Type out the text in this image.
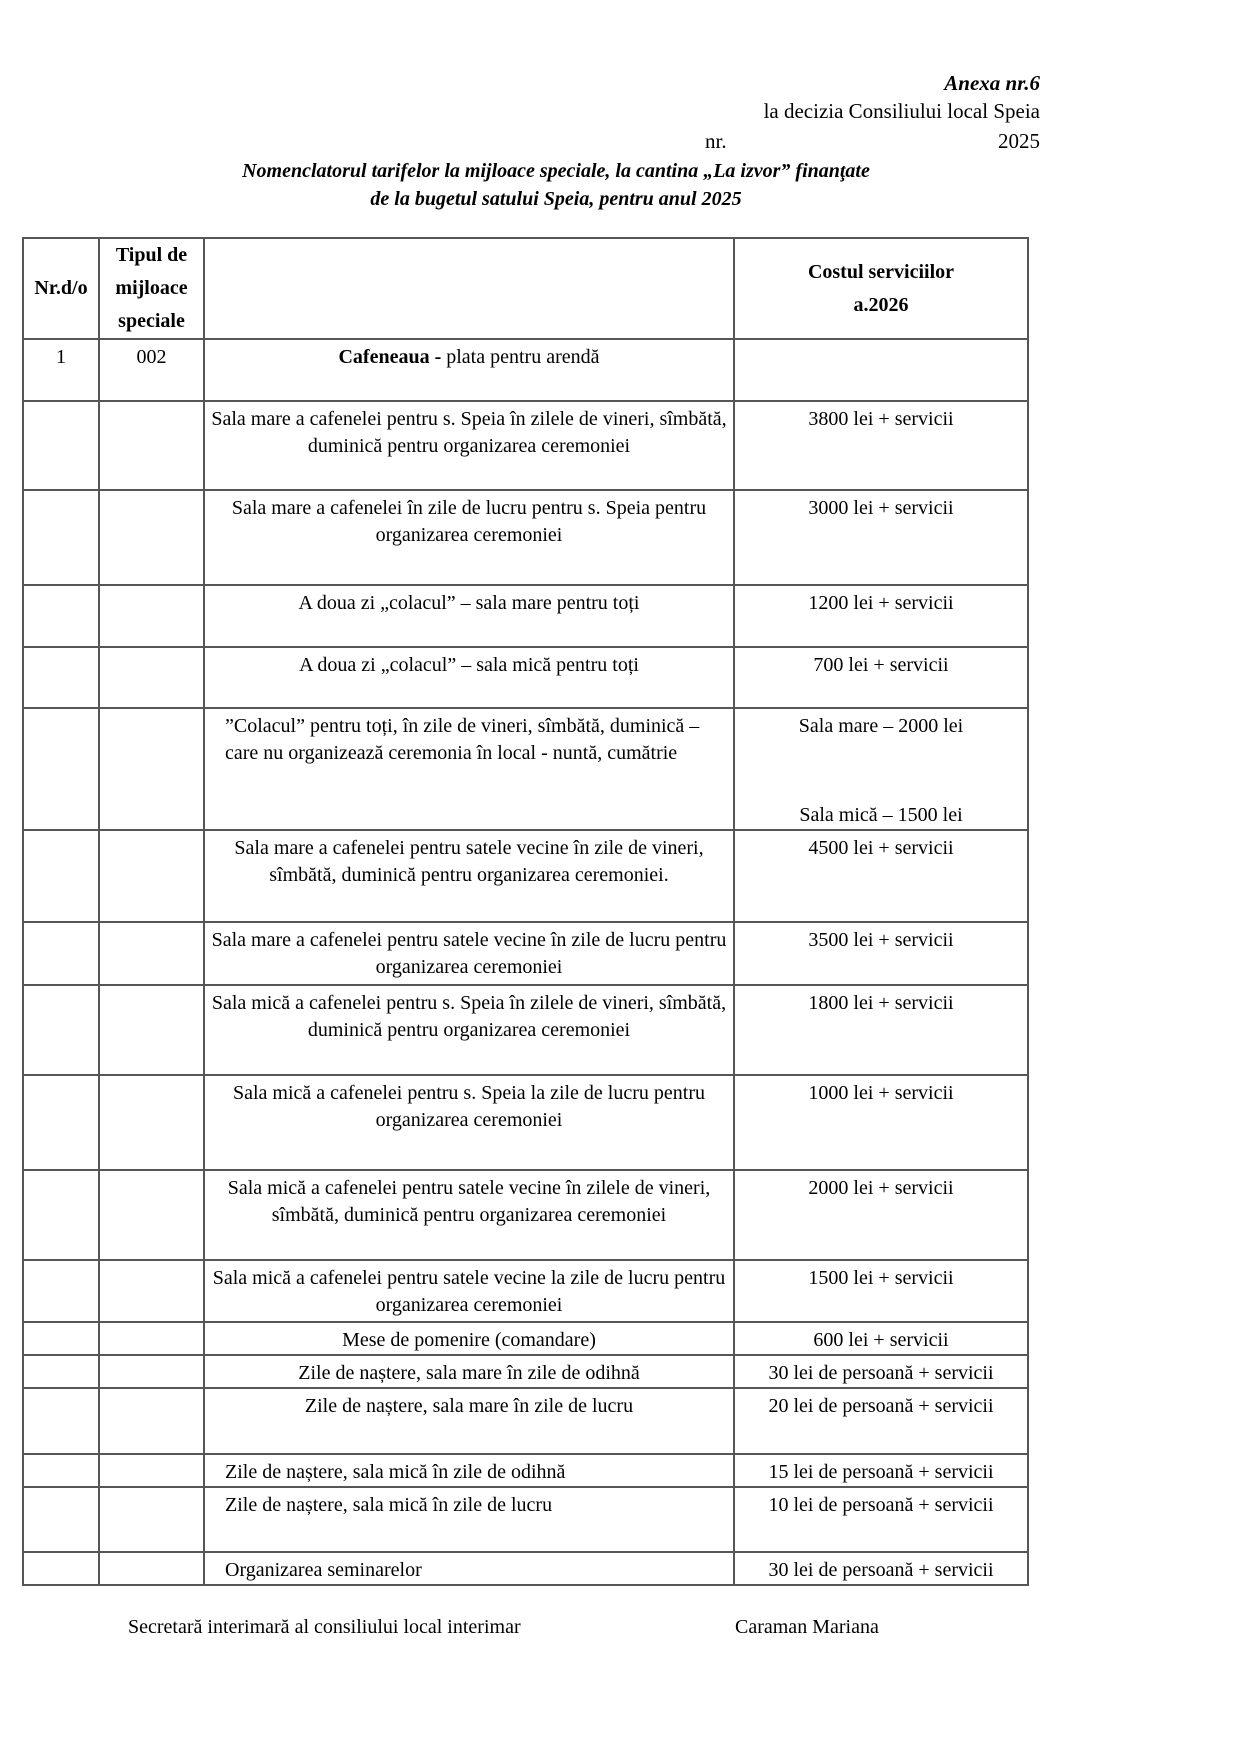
Anexa nr.6
la decizia Consiliului local Speia
nr.	2025
Nomenclatorul tarifelor la mijloace speciale, la cantina „La izvor” finanţate
de la bugetul satului Speia, pentru anul 2025
Nr.d/o	Tipul de mijloace speciale		Costul serviciilor
a.2026

1	002	Cafeneaua - plata pentru arendă	
		Sala mare a cafenelei pentru s. Speia în zilele de vineri, sîmbătă, duminică pentru organizarea ceremoniei	3800 lei + servicii
		Sala mare a cafenelei în zile de lucru pentru s. Speia pentru organizarea ceremoniei	3000 lei + servicii
		A doua zi „colacul” – sala mare pentru toți	1200 lei + servicii
		A doua zi „colacul” – sala mică pentru toți	700 lei + servicii
		”Colacul” pentru toți, în zile de vineri, sîmbătă, duminică – care nu organizează ceremonia în local - nuntă, cumătrie	Sala mare – 2000 lei
Sala mică – 1500 lei

		Sala mare a cafenelei pentru satele vecine în zile de vineri, sîmbătă, duminică pentru organizarea ceremoniei.	4500 lei + servicii
		Sala mare a cafenelei pentru satele vecine în zile de lucru pentru organizarea ceremoniei	3500 lei + servicii
		Sala mică a cafenelei pentru s. Speia în zilele de vineri, sîmbătă, duminică pentru organizarea ceremoniei	1800 lei + servicii
		Sala mică a cafenelei pentru s. Speia la zile de lucru pentru organizarea ceremoniei	1000 lei + servicii
		Sala mică a cafenelei pentru satele vecine în zilele de vineri, sîmbătă, duminică pentru organizarea ceremoniei	2000 lei + servicii
		Sala mică a cafenelei pentru satele vecine la zile de lucru pentru organizarea ceremoniei	1500 lei + servicii
		Mese de pomenire (comandare)	600 lei + servicii
		Zile de naștere, sala mare în zile de odihnă	30 lei de persoană + servicii
		Zile de naștere, sala mare în zile de lucru	20 lei de persoană + servicii
		Zile de naștere, sala mică în zile de odihnă	15 lei de persoană + servicii
		Zile de naștere, sala mică în zile de lucru	10 lei de persoană + servicii
		Organizarea seminarelor	30 lei de persoană + servicii
Secretară interimară al consiliului local interimar	Caraman Mariana
